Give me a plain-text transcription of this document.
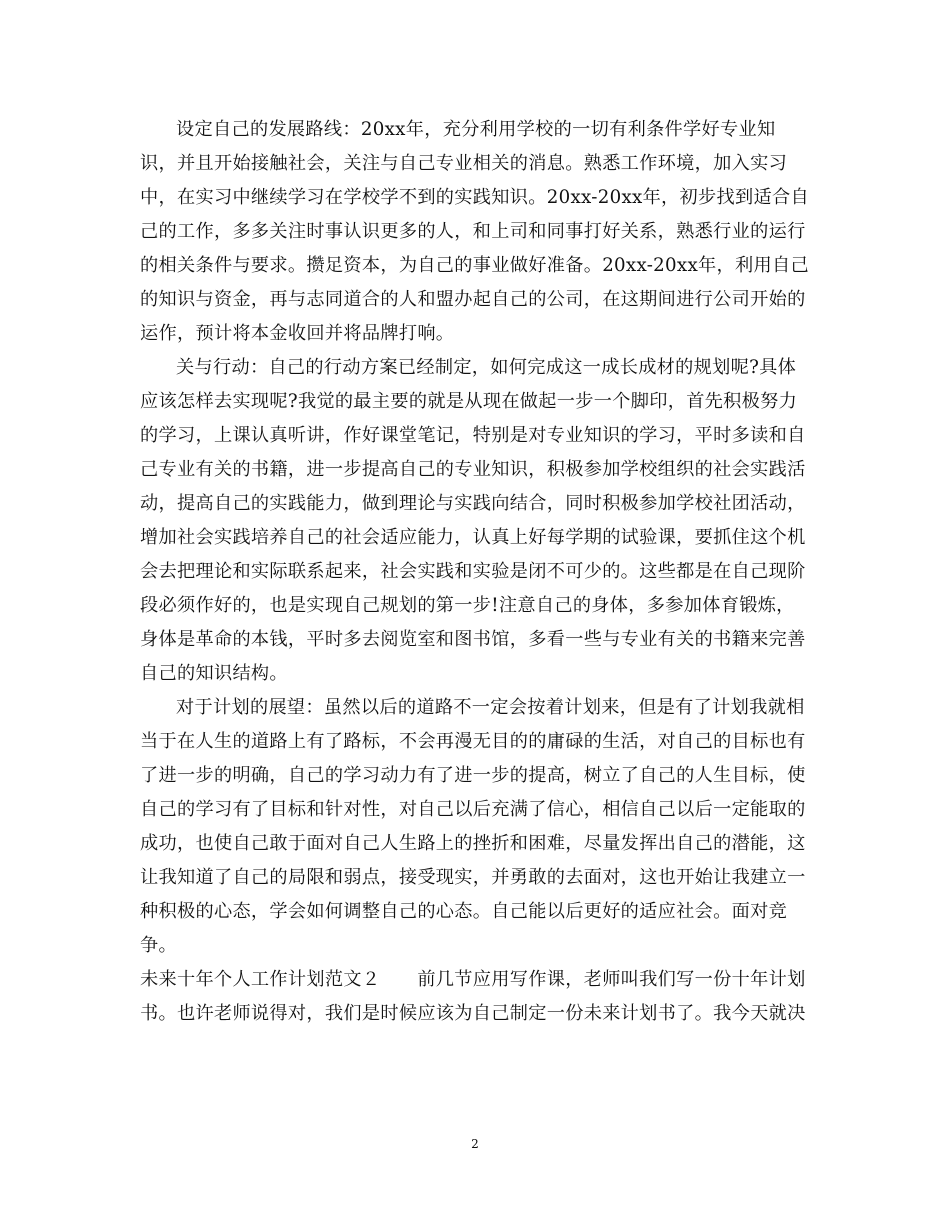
设定自己的发展路线：20xx年，充分利用学校的一切有利条件学好专业知
识，并且开始接触社会，关注与自己专业相关的消息。熟悉工作环境，加入实习
中，在实习中继续学习在学校学不到的实践知识。20xx-20xx年，初步找到适合自
己的工作，多多关注时事认识更多的人，和上司和同事打好关系，熟悉行业的运行
的相关条件与要求。攒足资本，为自己的事业做好准备。20xx-20xx年，利用自己
的知识与资金，再与志同道合的人和盟办起自己的公司，在这期间进行公司开始的
运作，预计将本金收回并将品牌打响。
关与行动：自己的行动方案已经制定，如何完成这一成长成材的规划呢?具体
应该怎样去实现呢?我觉的最主要的就是从现在做起一步一个脚印，首先积极努力
的学习，上课认真听讲，作好课堂笔记，特别是对专业知识的学习，平时多读和自
己专业有关的书籍，进一步提高自己的专业知识，积极参加学校组织的社会实践活
动，提高自己的实践能力，做到理论与实践向结合，同时积极参加学校社团活动，
增加社会实践培养自己的社会适应能力，认真上好每学期的试验课，要抓住这个机
会去把理论和实际联系起来，社会实践和实验是闭不可少的。这些都是在自己现阶
段必须作好的，也是实现自己规划的第一步!注意自己的身体，多参加体育锻炼，
身体是革命的本钱，平时多去阅览室和图书馆，多看一些与专业有关的书籍来完善
自己的知识结构。
对于计划的展望：虽然以后的道路不一定会按着计划来，但是有了计划我就相
当于在人生的道路上有了路标，不会再漫无目的的庸碌的生活，对自己的目标也有
了进一步的明确，自己的学习动力有了进一步的提高，树立了自己的人生目标，使
自己的学习有了目标和针对性，对自己以后充满了信心，相信自己以后一定能取的
成功，也使自己敢于面对自己人生路上的挫折和困难，尽量发挥出自己的潜能，这
让我知道了自己的局限和弱点，接受现实，并勇敢的去面对，这也开始让我建立一
种积极的心态，学会如何调整自己的心态。自己能以后更好的适应社会。面对竞
争。
未来十年个人工作计划范文２　　前几节应用写作课，老师叫我们写一份十年计划
书。也许老师说得对，我们是时候应该为自己制定一份未来计划书了。我今天就决
2
